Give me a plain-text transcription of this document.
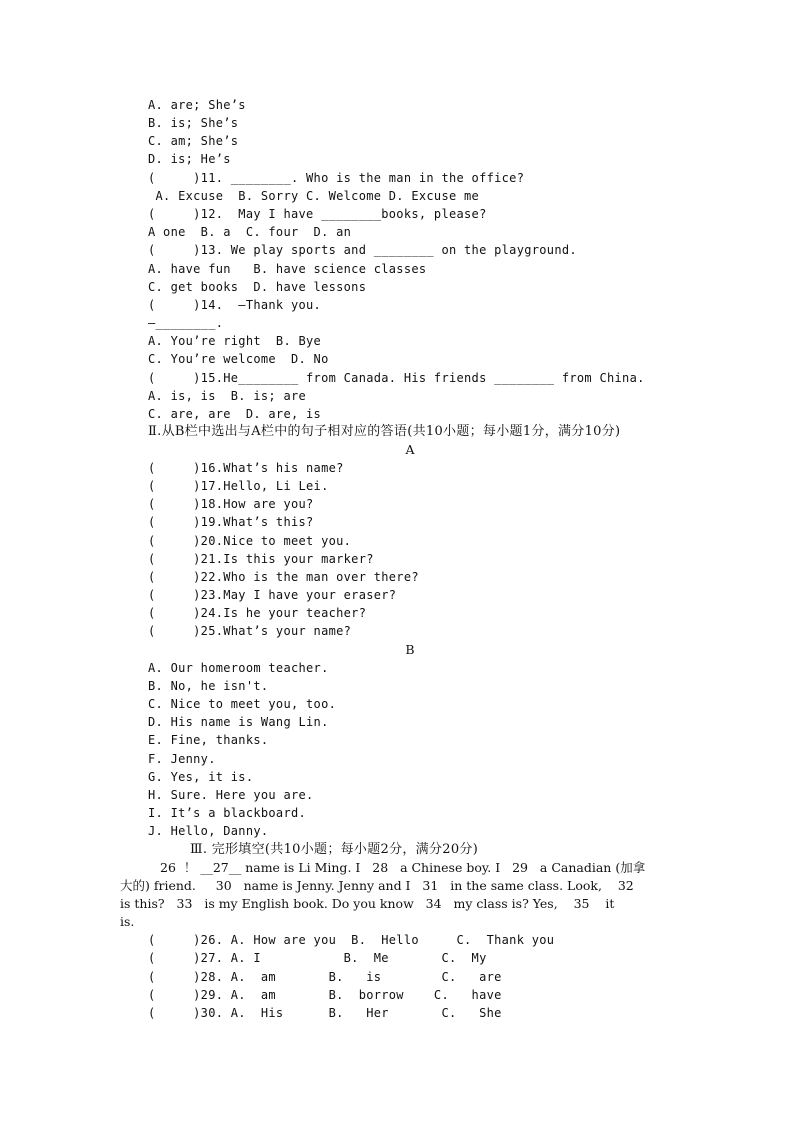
A. are; She’s
B. is; She’s
C. am; She’s
D. is; He’s
(     )11. ________. Who is the man in the office?
A. Excuse  B. Sorry C. Welcome D. Excuse me
(     )12.  May I have ________books, please?
A one  B. a  C. four  D. an
(     )13. We play sports and ________ on the playground.
A. have fun   B. have science classes
C. get books  D. have lessons
(     )14.  —Thank you.
—________.
A. You’re right  B. Bye
C. You’re welcome  D. No
(     )15.He________ from Canada. His friends ________ from China.
A. is, is  B. is; are
C. are, are  D. are, is
Ⅱ.从B栏中选出与A栏中的句子相对应的答语(共10小题；每小题1分，满分10分)
A
(     )16.What’s his name?
(     )17.Hello, Li Lei.
(     )18.How are you?
(     )19.What’s this?
(     )20.Nice to meet you.
(     )21.Is this your marker?
(     )22.Who is the man over there?
(     )23.May I have your eraser?
(     )24.Is he your teacher?
(     )25.What’s your name?
B
A. Our homeroom teacher.
B. No, he isn't.
C. Nice to meet you, too.
D. His name is Wang Lin.
E. Fine, thanks.
F. Jenny.
G. Yes, it is.
H. Sure. Here you are.
I. It’s a blackboard.
J. Hello, Danny.
Ⅲ. 完形填空(共10小题；每小题2分，满分20分)
26  ！ __27__ name is Li Ming. I   28   a Chinese boy. I   29   a Canadian (加拿
大的) friend.     30   name is Jenny. Jenny and I   31   in the same class. Look,    32
is this?   33   is my English book. Do you know   34   my class is? Yes,    35    it
is.
(     )26. A. How are you  B.  Hello     C.  Thank you
(     )27. A. I           B.  Me       C.  My
(     )28. A.  am       B.   is        C.   are
(     )29. A.  am       B.  borrow    C.   have
(     )30. A.  His      B.   Her       C.   She
